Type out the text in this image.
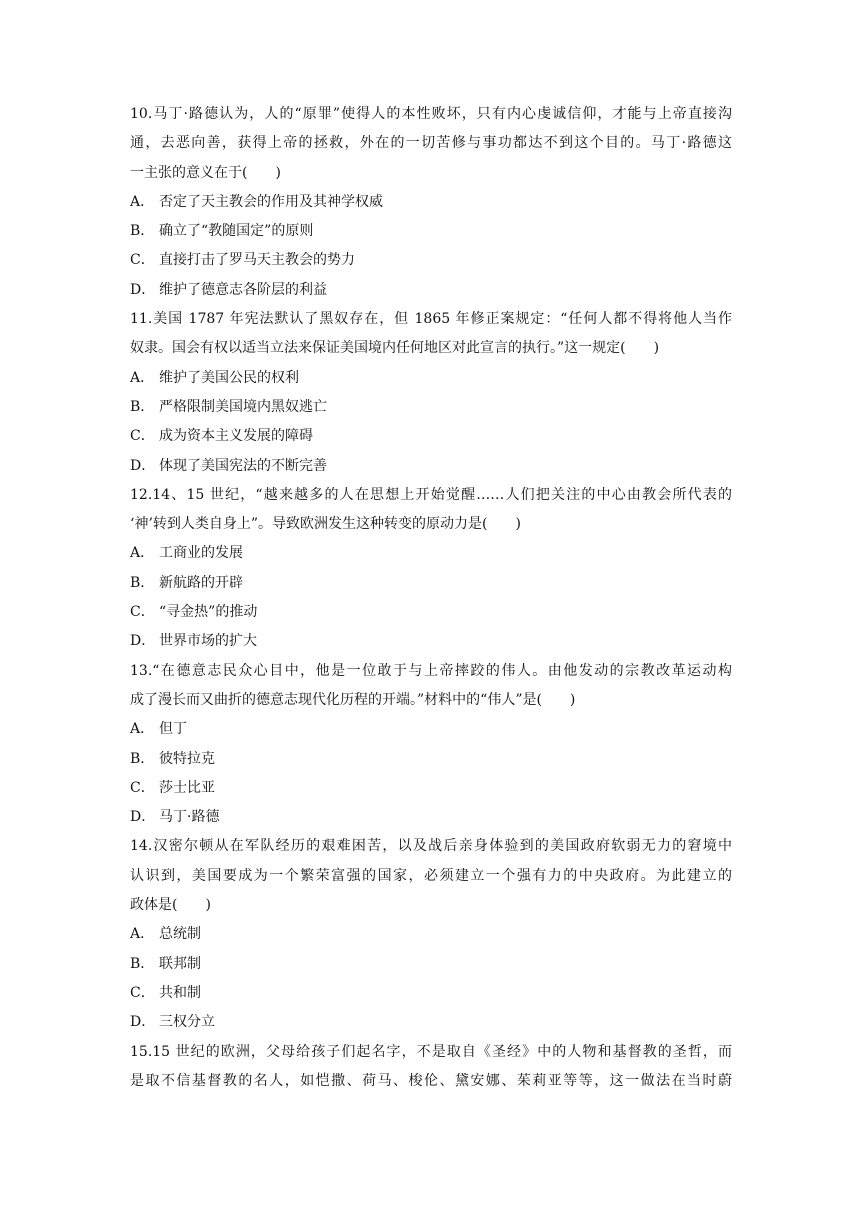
10.马丁·路德认为，人的“原罪”使得人的本性败坏，只有内心虔诚信仰，才能与上帝直接沟
通，去恶向善，获得上帝的拯救，外在的一切苦修与事功都达不到这个目的。马丁·路德这
一主张的意义在于(　　)
A． 否定了天主教会的作用及其神学权威
B． 确立了“教随国定”的原则
C． 直接打击了罗马天主教会的势力
D． 维护了德意志各阶层的利益
11.美国 1787 年宪法默认了黑奴存在，但 1865 年修正案规定：“任何人都不得将他人当作
奴隶。国会有权以适当立法来保证美国境内任何地区对此宣言的执行。”这一规定(　　)
A． 维护了美国公民的权利
B． 严格限制美国境内黑奴逃亡
C． 成为资本主义发展的障碍
D． 体现了美国宪法的不断完善
12.14、15 世纪，“越来越多的人在思想上开始觉醒……人们把关注的中心由教会所代表的
‘神’转到人类自身上”。导致欧洲发生这种转变的原动力是(　　)
A． 工商业的发展
B． 新航路的开辟
C． “寻金热”的推动
D． 世界市场的扩大
13.“在德意志民众心目中，他是一位敢于与上帝摔跤的伟人。由他发动的宗教改革运动构
成了漫长而又曲折的德意志现代化历程的开端。”材料中的“伟人”是(　　)
A． 但丁
B． 彼特拉克
C． 莎士比亚
D． 马丁·路德
14.汉密尔顿从在军队经历的艰难困苦，以及战后亲身体验到的美国政府软弱无力的窘境中
认识到，美国要成为一个繁荣富强的国家，必须建立一个强有力的中央政府。为此建立的
政体是(　　)
A． 总统制
B． 联邦制
C． 共和制
D． 三权分立
15.15 世纪的欧洲，父母给孩子们起名字，不是取自《圣经》中的人物和基督教的圣哲，而
是取不信基督教的名人，如恺撒、荷马、梭伦、黛安娜、茱莉亚等等，这一做法在当时蔚
